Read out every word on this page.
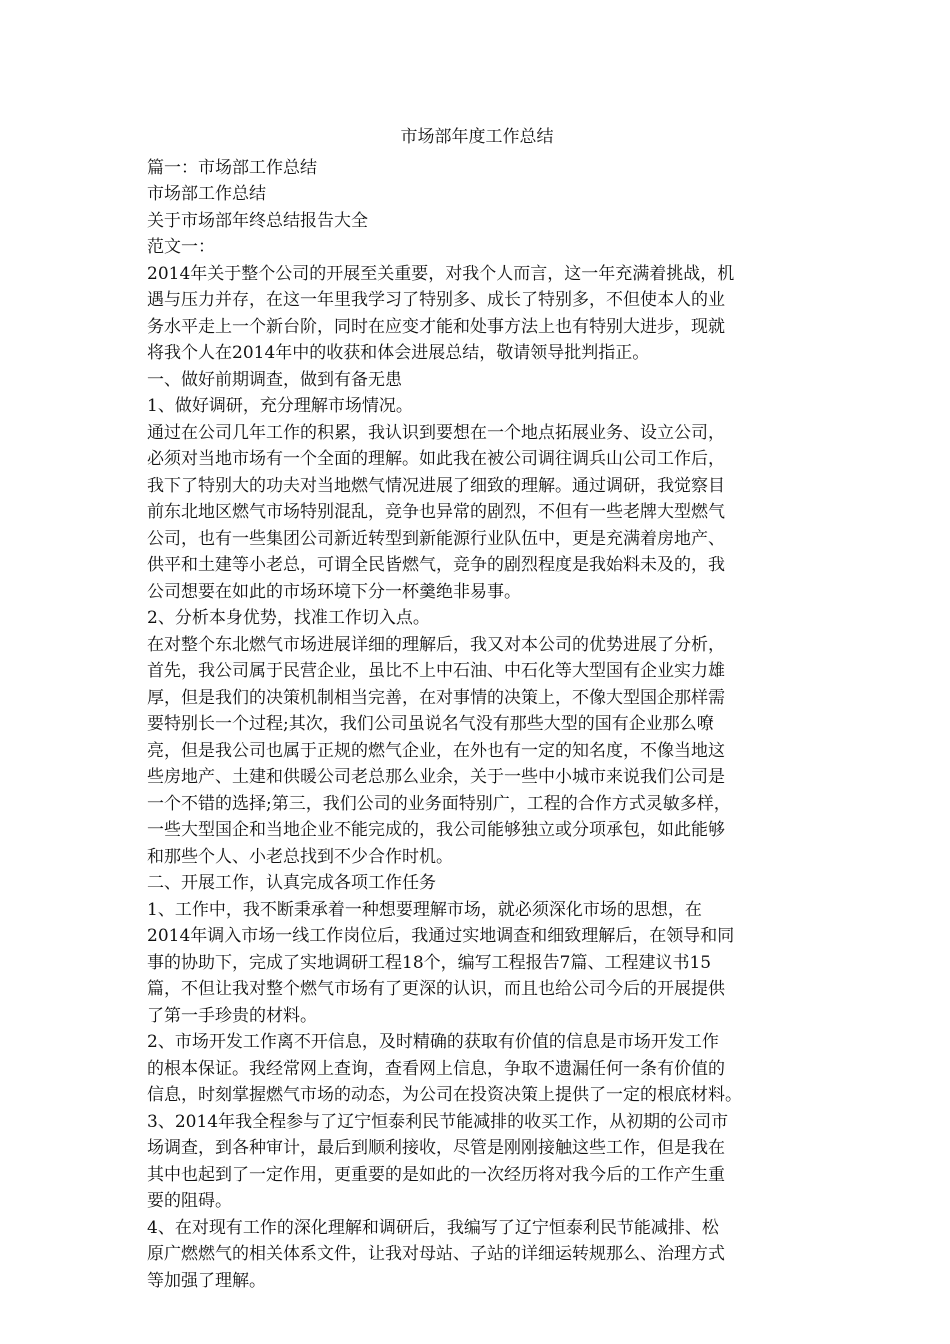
市场部年度工作总结

篇一：市场部工作总结

市场部工作总结

关于市场部年终总结报告大全

范文一：

2014年关于整个公司的开展至关重要，对我个人而言，这一年充满着挑战，机
遇与压力并存，在这一年里我学习了特别多、成长了特别多，不但使本人的业
务水平走上一个新台阶，同时在应变才能和处事方法上也有特别大进步，现就
将我个人在2014年中的收获和体会进展总结，敬请领导批判指正。

一、做好前期调查，做到有备无患

1、做好调研，充分理解市场情况。

通过在公司几年工作的积累，我认识到要想在一个地点拓展业务、设立公司，
必须对当地市场有一个全面的理解。如此我在被公司调往调兵山公司工作后，
我下了特别大的功夫对当地燃气情况进展了细致的理解。通过调研，我觉察目
前东北地区燃气市场特别混乱，竞争也异常的剧烈，不但有一些老牌大型燃气
公司，也有一些集团公司新近转型到新能源行业队伍中，更是充满着房地产、
供平和土建等小老总，可谓全民皆燃气，竞争的剧烈程度是我始料未及的，我
公司想要在如此的市场环境下分一杯羹绝非易事。

2、分析本身优势，找准工作切入点。

在对整个东北燃气市场进展详细的理解后，我又对本公司的优势进展了分析，
首先，我公司属于民营企业，虽比不上中石油、中石化等大型国有企业实力雄
厚，但是我们的决策机制相当完善，在对事情的决策上，不像大型国企那样需
要特别长一个过程;其次，我们公司虽说名气没有那些大型的国有企业那么嘹
亮，但是我公司也属于正规的燃气企业，在外也有一定的知名度，不像当地这
些房地产、土建和供暖公司老总那么业余，关于一些中小城市来说我们公司是
一个不错的选择;第三，我们公司的业务面特别广，工程的合作方式灵敏多样，
一些大型国企和当地企业不能完成的，我公司能够独立或分项承包，如此能够
和那些个人、小老总找到不少合作时机。

二、开展工作，认真完成各项工作任务

1、工作中，我不断秉承着一种想要理解市场，就必须深化市场的思想，在
2014年调入市场一线工作岗位后，我通过实地调查和细致理解后，在领导和同
事的协助下，完成了实地调研工程18个，编写工程报告7篇、工程建议书15
篇，不但让我对整个燃气市场有了更深的认识，而且也给公司今后的开展提供
了第一手珍贵的材料。

2、市场开发工作离不开信息，及时精确的获取有价值的信息是市场开发工作
的根本保证。我经常网上查询，查看网上信息，争取不遗漏任何一条有价值的
信息，时刻掌握燃气市场的动态，为公司在投资决策上提供了一定的根底材料。

3、2014年我全程参与了辽宁恒泰利民节能减排的收买工作，从初期的公司市
场调查，到各种审计，最后到顺利接收，尽管是刚刚接触这些工作，但是我在
其中也起到了一定作用，更重要的是如此的一次经历将对我今后的工作产生重
要的阻碍。

4、在对现有工作的深化理解和调研后，我编写了辽宁恒泰利民节能减排、松
原广燃燃气的相关体系文件，让我对母站、子站的详细运转规那么、治理方式
等加强了理解。
